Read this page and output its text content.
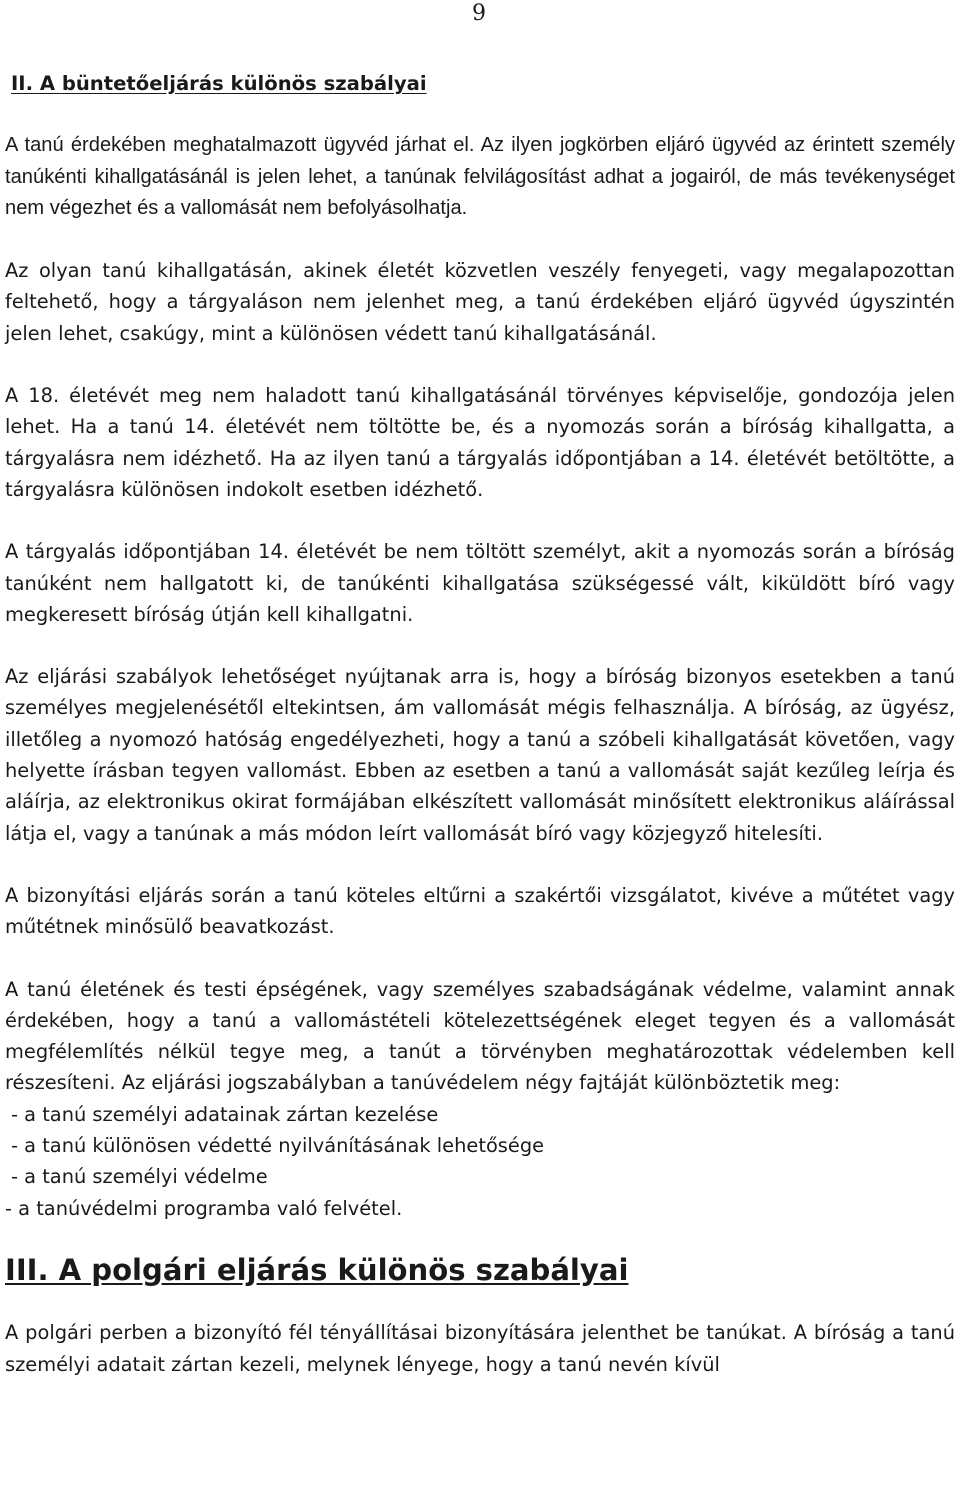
9
II. A büntetőeljárás különös szabályai

A tanú érdekében meghatalmazott ügyvéd járhat el. Az ilyen jogkörben eljáró ügyvéd az érintett személy tanúkénti kihallgatásánál is jelen lehet, a tanúnak felvilágosítást adhat a jogairól, de más tevékenységet nem végezhet és a vallomását nem befolyásolhatja.

Az olyan tanú kihallgatásán, akinek életét közvetlen veszély fenyegeti, vagy megalapozottan feltehető, hogy a tárgyaláson nem jelenhet meg, a tanú érdekében eljáró ügyvéd úgyszintén jelen lehet, csakúgy, mint a különösen védett tanú kihallgatásánál.

A 18. életévét meg nem haladott tanú kihallgatásánál törvényes képviselője, gondozója jelen lehet. Ha a tanú 14. életévét nem töltötte be, és a nyomozás során a bíróság kihallgatta, a tárgyalásra nem idézhető. Ha az ilyen tanú a tárgyalás időpontjában a 14. életévét betöltötte, a tárgyalásra különösen indokolt esetben idézhető.

A tárgyalás időpontjában 14. életévét be nem töltött személyt, akit a nyomozás során a bíróság tanúként nem hallgatott ki, de tanúkénti kihallgatása szükségessé vált, kiküldött bíró vagy megkeresett bíróság útján kell kihallgatni.

Az eljárási szabályok lehetőséget nyújtanak arra is, hogy a bíróság bizonyos esetekben a tanú személyes megjelenésétől eltekintsen, ám vallomását mégis felhasználja. A bíróság, az ügyész, illetőleg a nyomozó hatóság engedélyezheti, hogy a tanú a szóbeli kihallgatását követően, vagy helyette írásban tegyen vallomást. Ebben az esetben a tanú a vallomását saját kezűleg leírja és aláírja, az elektronikus okirat formájában elkészített vallomását minősített elektronikus aláírással látja el, vagy a tanúnak a más módon leírt vallomását bíró vagy közjegyző hitelesíti.

A bizonyítási eljárás során a tanú köteles eltűrni a szakértői vizsgálatot, kivéve a műtétet vagy műtétnek minősülő beavatkozást.

A tanú életének és testi épségének, vagy személyes szabadságának védelme, valamint annak érdekében, hogy a tanú a vallomástételi kötelezettségének eleget tegyen és a vallomását megfélemlítés nélkül tegye meg, a tanút a törvényben meghatározottak védelemben kell részesíteni. Az eljárási jogszabályban a tanúvédelem négy fajtáját különböztetik meg:

- a tanú személyi adatainak zártan kezelése
- a tanú különösen védetté nyilvánításának lehetősége
- a tanú személyi védelme
- a tanúvédelmi programba való felvétel.
III. A polgári eljárás különös szabályai

A polgári perben a bizonyító fél tényállításai bizonyítására jelenthet be tanúkat. A bíróság a tanú személyi adatait zártan kezeli, melynek lényege, hogy a tanú nevén kívül
